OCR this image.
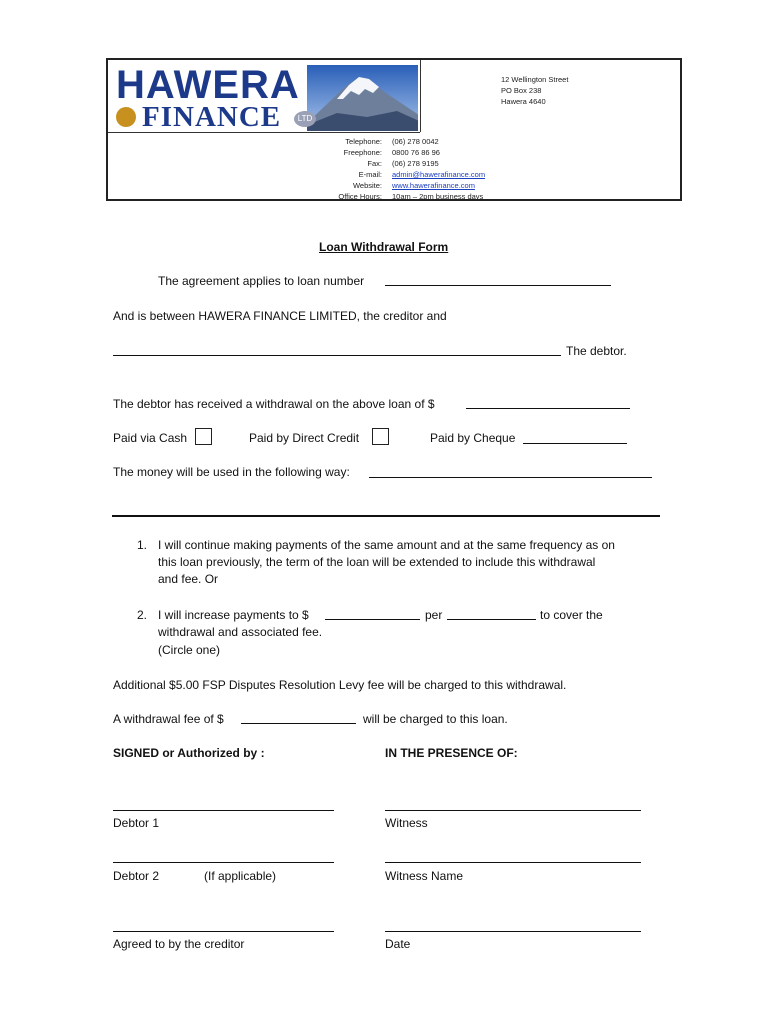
HAWERA
FINANCE	LTD
12 Wellington Street
PO Box 238
Hawera 4640
Telephone: (06) 278 0042
Freephone: 0800 76 86 96
Fax: (06) 278 9195
E-mail: admin@hawerafinance.com
Website: www.hawerafinance.com
Office Hours: 10am – 2pm business days
Loan Withdrawal Form
The agreement applies to loan number
And is between HAWERA FINANCE LIMITED, the creditor and
The debtor.
The debtor has received a withdrawal on the above loan of $
Paid via Cash	Paid by Direct Credit	Paid by Cheque
The money will be used in the following way:
1. I will continue making payments of the same amount and at the same frequency as on
this loan previously, the term of the loan will be extended to include this withdrawal
and fee. Or
2. I will increase payments to $	per	to cover the
withdrawal and associated fee.
(Circle one)
Additional $5.00 FSP Disputes Resolution Levy fee will be charged to this withdrawal.
A withdrawal fee of $	will be charged to this loan.
SIGNED or Authorized by :	IN THE PRESENCE OF:
Debtor 1	Witness
Debtor 2	(If applicable)	Witness Name
Agreed to by the creditor	Date
